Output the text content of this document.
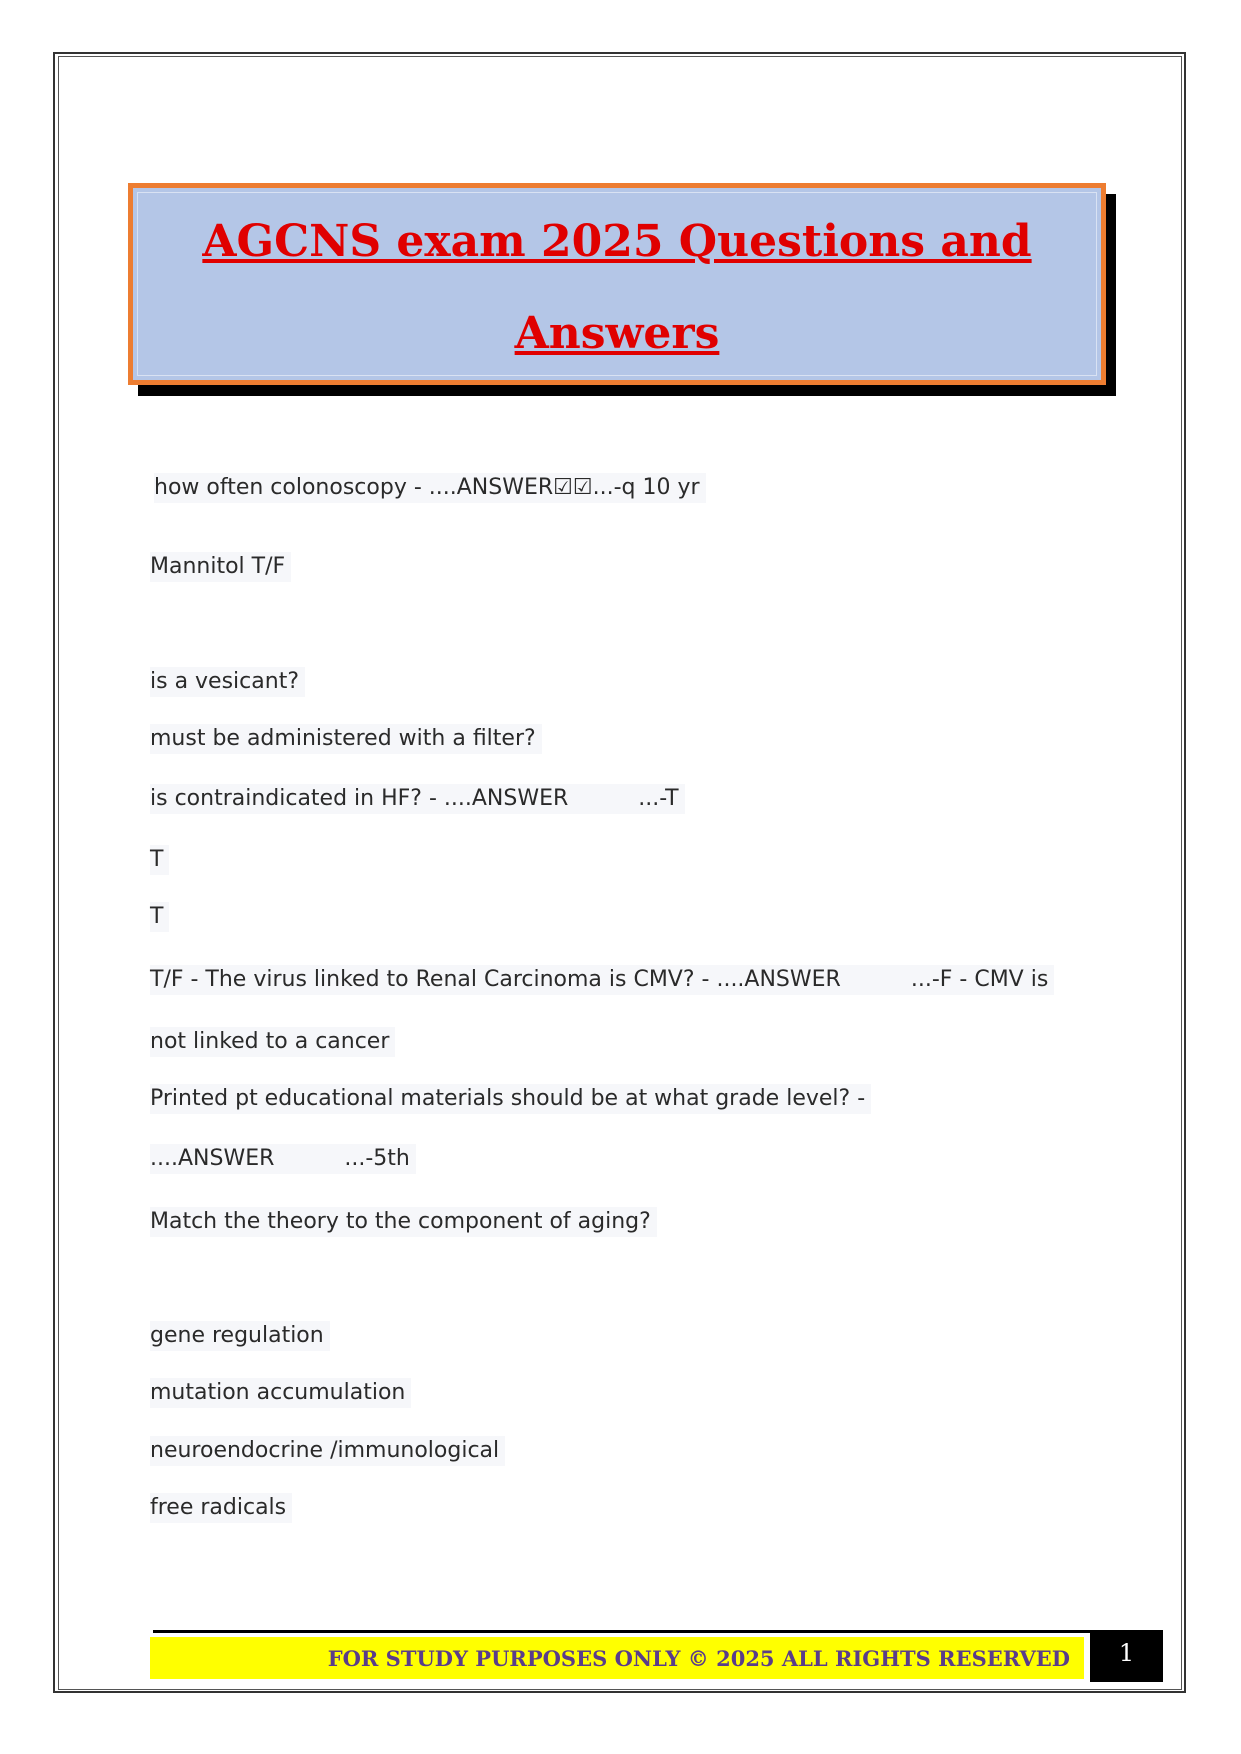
AGCNS exam 2025 Questions and
Answers
how often colonoscopy - ....ANSWER☑☑...-q 10 yr
Mannitol T/F
is a vesicant?
must be administered with a filter?
is contraindicated in HF? - ....ANSWER	...-T
T
T
T/F - The virus linked to Renal Carcinoma is CMV? - ....ANSWER	...-F - CMV is
not linked to a cancer
Printed pt educational materials should be at what grade level? -
....ANSWER	...-5th
Match the theory to the component of aging?
gene regulation
mutation accumulation
neuroendocrine /immunological
free radicals
FOR STUDY PURPOSES ONLY © 2025 ALL RIGHTS RESERVED	1
